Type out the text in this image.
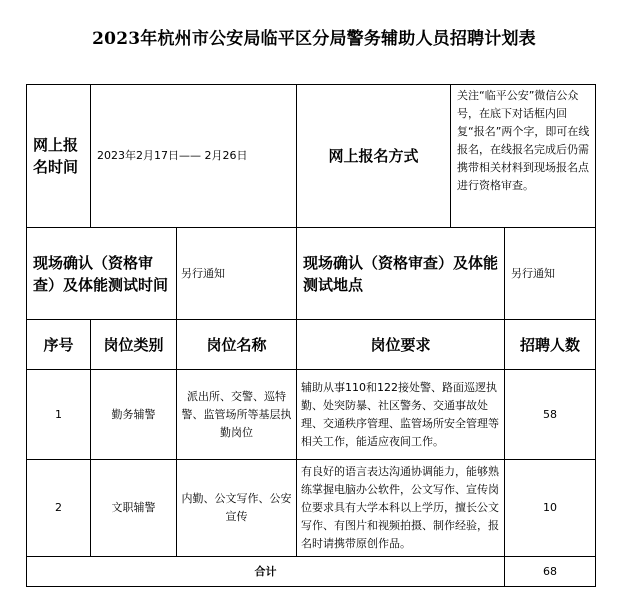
2023年杭州市公安局临平区分局警务辅助人员招聘计划表
网上报名时间	2023年2月17日—— 2月26日		网上报名方式	关注“临平公安”微信公众号，在底下对话框内回复“报名”两个字，即可在线报名，在线报名完成后仍需携带相关材料到现场报名点进行资格审查。	
现场确认（资格审查）及体能测试时间		另行通知	现场确认（资格审查）及体能测试地点		另行通知
序号	岗位类别	岗位名称	岗位要求		招聘人数
1	勤务辅警	派出所、交警、巡特警、监管场所等基层执勤岗位	辅助从事110和122接处警、路面巡逻执勤、处突防暴、社区警务、交通事故处理、交通秩序管理、监管场所安全管理等相关工作，能适应夜间工作。		58
2	文职辅警	内勤、公文写作、公安宣传	有良好的语言表达沟通协调能力，能够熟练掌握电脑办公软件，公文写作、宣传岗位要求具有大学本科以上学历，擅长公文写作、有图片和视频拍摄、制作经验，报名时请携带原创作品。		10
合计					68
